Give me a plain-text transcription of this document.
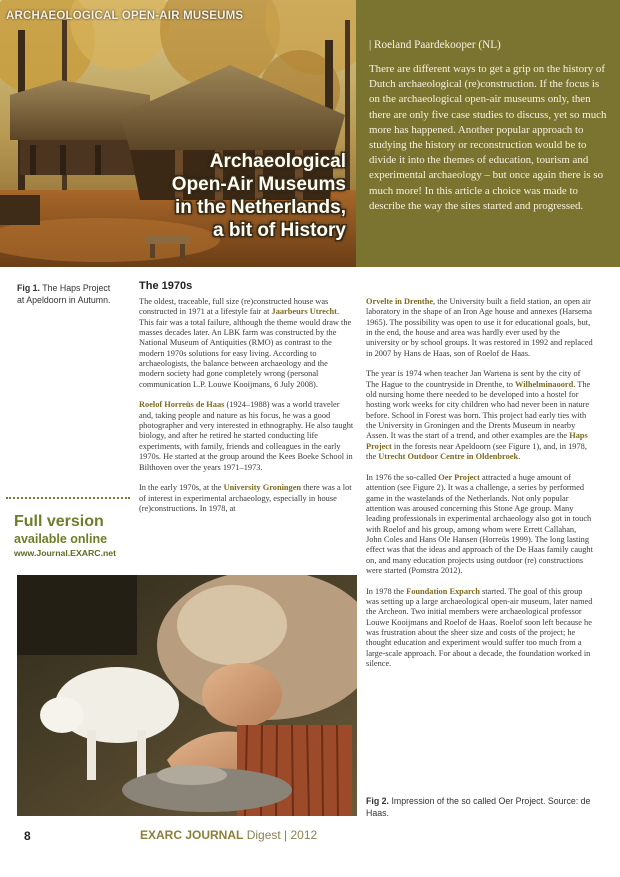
ARCHAEOLOGICAL OPEN-AIR MUSEUMS
Archaeological
Open-Air Museums
in the Netherlands,
a bit of History
| Roeland Paardekooper (NL)
There are different ways to get a grip on the history of Dutch archaeological (re)construction. If the focus is on the archaeological open-air museums only, then there are only five case studies to discuss, yet so much more has happened. Another popular approach to studying the history or reconstruction would be to divide it into the themes of education, tourism and experimental archaeology – but once again there is so much more! In this article a choice was made to describe the way the sites started and progressed.
Fig 1. The Haps Project at Apeldoorn in Autumn.
Full version
available online
www.Journal.EXARC.net
The 1970s

The oldest, traceable, full size (re)constructed house was constructed in 1971 at a lifestyle fair at Jaarbeurs Utrecht. This fair was a total failure, although the theme would draw the masses decades later. An LBK farm was constructed by the National Museum of Antiquities (RMO) as contrast to the modern 1970s solutions for easy living. According to archaeologists, the balance between archaeology and the modern society had gone completely wrong (personal communication L.P. Louwe Kooijmans, 6 July 2008).

Roelof Horreüs de Haas (1924–1988) was a world traveler and, taking people and nature as his focus, he was a good photographer and very interested in ethnography. He also taught biology, and after he retired he started conducting life experiments, with family, friends and colleagues in the early 1970s. He started at the group around the Kees Boeke School in Bilthoven over the years 1971–1973.

In the early 1970s, at the University Groningen there was a lot of interest in experimental archaeology, especially in house (re)constructions. In 1978, at

Orvelte in Drenthe, the University built a field station, an open air laboratory in the shape of an Iron Age house and annexes (Harsema 1965). The possibility was open to use it for educational goals, but, in the end, the house and area was hardly ever used by the university or by school groups. It was restored in 1992 and replaced in 2007 by Hans de Haas, son of Roelof de Haas.

The year is 1974 when teacher Jan Wartena is sent by the city of The Hague to the countryside in Drenthe, to Wilhelminaoord. The old nursing home there needed to be developed into a hostel for hosting work weeks for city children who had never been in nature before. School in Forest was born. This project had early ties with the University in Groningen and the Drents Museum in nearby Assen. It was the start of a trend, and other examples are the Haps Project in the forests near Apeldoorn (see Figure 1), and, in 1978, the Utrecht Outdoor Centre in Oldenbroek.

In 1976 the so-called Oer Project attracted a huge amount of attention (see Figure 2). It was a challenge, a series by performed game in the wastelands of the Netherlands. Not only popular attention was aroused concerning this Stone Age group. Many leading professionals in experimental archaeology also got in touch with Roelof and his group, among whom were Errett Callahan, John Coles and Hans Ole Hansen (Horreüs 1999). The long lasting effect was that the ideas and approach of the De Haas family caught on, and many education projects using outdoor (re) constructions were started (Pomstra 2012).

In 1978 the Foundation Exparch started. The goal of this group was setting up a large archaeological open-air museum, later named the Archeon. Two initial members were archaeological professor Louwe Kooijmans and Roelof de Haas. Roelof soon left because he was frustration about the sheer size and costs of the project; he thought education and experiment would suffer too much from a large-scale approach. For about a decade, the foundation worked in silence.

Fig 2. Impression of the so called Oer Project. Source: de Haas.
8	EXARC JOURNAL Digest | 2012
